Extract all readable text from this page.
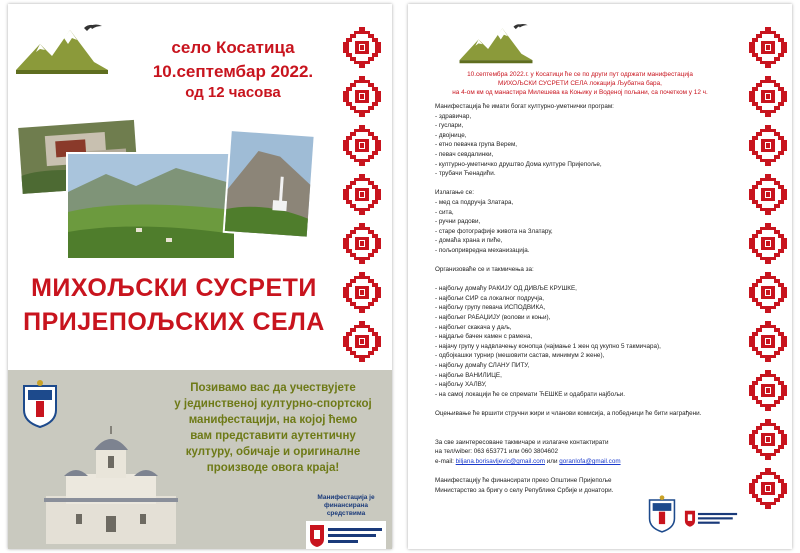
село Косатица
10.септембар 2022.
од 12 часова
МИХОЉСКИ СУСРЕТИ
ПРИЈЕПОЉСКИХ СЕЛА
Позивамо вас да учествујете
у јединственој културно-спортској
манифестацији, на којој ћемо
вам представити аутентичну
културу, обичаје и оригиналне
производе овога краја!
Манифестација је
финансирана средствима
10.септембра 2022.г. у Косатици ће се по други пут одржати манифестација
МИХОЉСКИ СУСРЕТИ СЕЛА локација Љубатна бара,
на 4-ом км од манастира Милешева ка Коњику и Воденој пољани, са почетком у 12 ч.
Манифестација ће имати богат културно-уметнички програм:
- здравичар,
- гуслари,
- двојнице,
- етно певачка група Верем,
- певач севдалинки,
- културно-уметничко друштво Дома културе Пријепоље,
- трубачи Ћенадићи.
Излагање се:
- мед са подручја Златара,
- сита,
- ручни радови,
- старе фотографије живота на Златару,
- домаћа храна и пиће,
- пољопривредна механизација.
Организоваће се и такмичења за:
- најбољу домаћу РАКИЈУ ОД ДИВЉЕ КРУШКЕ,
- најбољи СИР са локалног подручја,
- најбољу групу певача ИСПОДВИКА,
- најбољег РАБАЏИЈУ (волови и коњи),
- најбољег скакача у даљ,
- најдаље бачен камен с рамена,
- најачу групу у надвлачењу конопца (најмање 1 жен од укупно 5 такмичара),
- одбојкашки турнир (мешовити састав, минимум 2 жене),
- најбољу домаћу СЛАНУ ПИТУ,
- најбоље ВАНИЛИЦЕ,
- најбољу ХАЛВУ,
- на самој локацији ће се спремати ЋЕШКЕ и одабрати најбољи.
Оцењивање ће вршити стручни жири и чланови комисија, а победници ће бити награђени.
За све заинтересоване такмичаре и излагаче контактирати
на тел/wiber: 063 653771 или 060 3804602
e-mail: biljana.borisavljevic@gmail.com или goranlofa@gmail.com
Манифестацију ће финансирати преко Општине Пријепоље
Министарство за бригу о селу Републике Србије и донатори.
